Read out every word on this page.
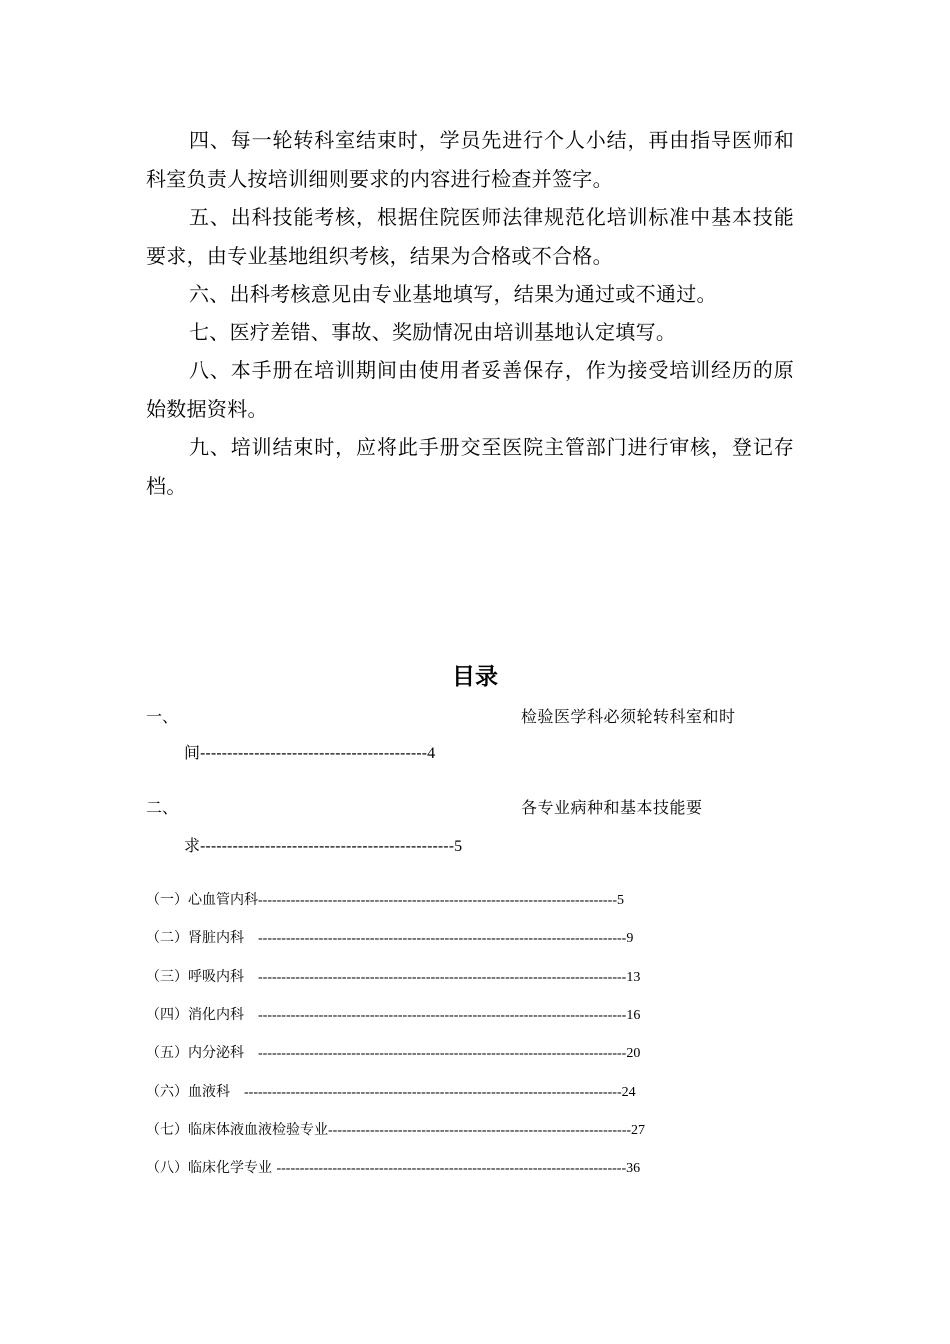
四、每一轮转科室结束时，学员先进行个人小结，再由指导医师和科室负责人按培训细则要求的内容进行检查并签字。

五、出科技能考核，根据住院医师法律规范化培训标准中基本技能要求，由专业基地组织考核，结果为合格或不合格。

六、出科考核意见由专业基地填写，结果为通过或不通过。

七、医疗差错、事故、奖励情况由培训基地认定填写。

八、本手册在培训期间由使用者妥善保存，作为接受培训经历的原始数据资料。

九、培训结束时，应将此手册交至医院主管部门进行审核，登记存档。

目录
一、	检验医学科必须轮转科室和时
间------------------------------------------4
二、	各专业病种和基本技能要
求-----------------------------------------------5
（一）心血管内科-----------------------------------------------------------------------------5
（二）肾脏内科　-------------------------------------------------------------------------------9
（三）呼吸内科　-------------------------------------------------------------------------------13
（四）消化内科　-------------------------------------------------------------------------------16
（五）内分泌科　-------------------------------------------------------------------------------20
（六）血液科　---------------------------------------------------------------------------------24
（七）临床体液血液检验专业-----------------------------------------------------------------27
（八）临床化学专业 ---------------------------------------------------------------------------36
